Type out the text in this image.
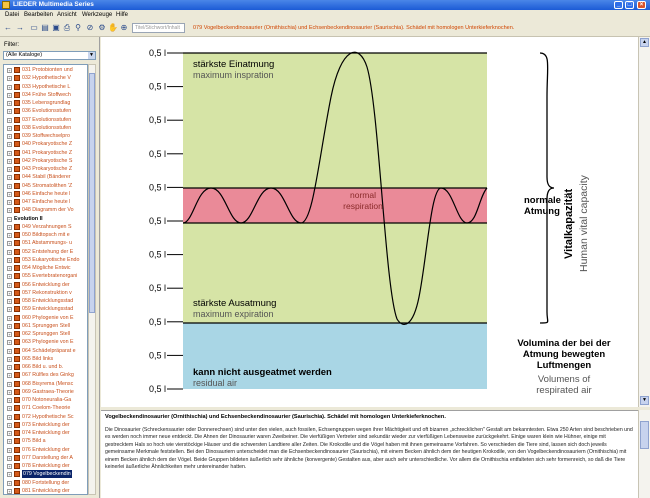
LIEDER Multimedia Series	_	□	×
Datei Bearbeiten Ansicht Werkzeuge Hilfe
← → ▭ ▤ ▣ ⎙ ⚲ ⊘ ⚙ ✋ ⊕	Titel/Stichwort/Inhalt	079 Vogelbeckendinosaurier (Ornithischia) und Echsenbeckendinosaurier (Saurischia). Schädel mit homologen Unterkieferknochen.
Filter:
(Alle Kataloge)	▼
+ 031 Protobionten und
+ 032 Hypothetische V
+ 033 Hypothetische L
+ 034 Frühe Stoffwech
+ 035 Lebensgrundlag
+ 036 Evolutionsstufen
+ 037 Evolutionsstufen
+ 038 Evolutionsstufen
+ 039 Stoffwechselpro
+ 040 Prokaryotische Z
+ 041 Prokaryotische Z
+ 042 Prokaryotische S
+ 043 Prokaryotische Z
+ 044 Stabil (Bänderer
+ 045 Stromatolithen 'Z
+ 046 Einfache heute l
+ 047 Einfache heute l
+ 048 Diagramm der Vo
− Evolution II
+ 049 Verzahnungen S
+ 050 Bildtopsch mit e
+ 051 Abstammungs- u
+ 052 Entstehung der E
+ 053 Eukaryotische Endo
+ 054 Mögliche Entwic
+ 055 Evertebratenorgani
+ 056 Entwicklung der
+ 057 Rekonstruktion v
+ 058 Entwicklungsstad
+ 059 Entwicklungsstad
+ 060 Phylogenie von E
+ 061 Sprunggen Stell
+ 062 Sprunggen Stell
+ 063 Phylogenie von E
+ 064 Schädelpräparat e
+ 065 Bild links
+ 066 Bild u. und b.
+ 067 Rülfles des Ginkg
+ 068 Bisyrema (Mensc
+ 069 Gastraea-Theorie
+ 070 Notoneuralia-Ga
+ 071 Coelom-Theorie
+ 072 Hypothetische Sc
+ 073 Entwicklung der
+ 074 Entwicklung der
+ 075 Bild a
+ 076 Entwicklung der
+ 077 Darstellung der A
+ 078 Entwicklung der
+ 079 Vogelbeckendin
+ 080 Fortstellung der
+ 081 Entwicklung der
0,5 l
0,5 l
0,5 l
0,5 l
0,5 l
0,5 l
0,5 l
0,5 l
0,5 l
0,5 l
0,5 l
stärkste Einatmung
maximum inspration
normal
respiration
stärkste Ausatmung
maximum expiration
kann nicht ausgeatmet werden
residual air
normale
Atmung Vitalkapazität Human vital capacity
Volumina der bei der
Atmung bewegten
Luftmengen
Volumens of
respirated air
▲
▼
Vogelbeckendinosaurier (Ornithischia) und Echsenbeckendinosaurier (Saurischia). Schädel mit homologen Unterkieferknochen.
Die Dinosaurier (Schreckensaurier oder Donnerechsen) sind unter den vielen, auch fossilen, Echsengruppen wegen ihrer Mächtigkeit und oft bizarren „schrecklichen" Gestalt am bekanntesten. Etwa 250 Arten sind beschrieben und es werden noch immer neue entdeckt. Die Ahnen der Dinosaurier waren Zweibeiner. Die vierfüßigen Vertreter sind sekundär wieder zur vierfüßigen Lebensweise zurückgekehrt. Einige waren klein wie Hühner, einige mit gestrecktem Hals so hoch wie vierstöckige Häuser und die schwersten Landtiere aller Zeiten. Die Krokodile und die Vögel haben mit ihnen gemeinsame Vorfahren. So verschieden die Tiere sind, lassen sich doch jeweils gemeinsame Merkmale feststellen. Bei den Dinosauriern unterscheidet man die Echsenbeckendinosaurier (Saurischia), mit einem Becken ähnlich dem der heutigen Krokodile, von den Vogelbeckendinosauriern (Ornithischia) mit einem Becken ähnlich dem der Vögel. Beide Gruppen bildeten äußerlich sehr ähnliche (konvergente) Gestalten aus, aber auch sehr unterschiedliche. Vor allem die Ornithischia entfalteten sich sehr formenreich, so daß die Tiere keinerlei äußerliche Ähnlichkeiten mehr untereinander hatten.
